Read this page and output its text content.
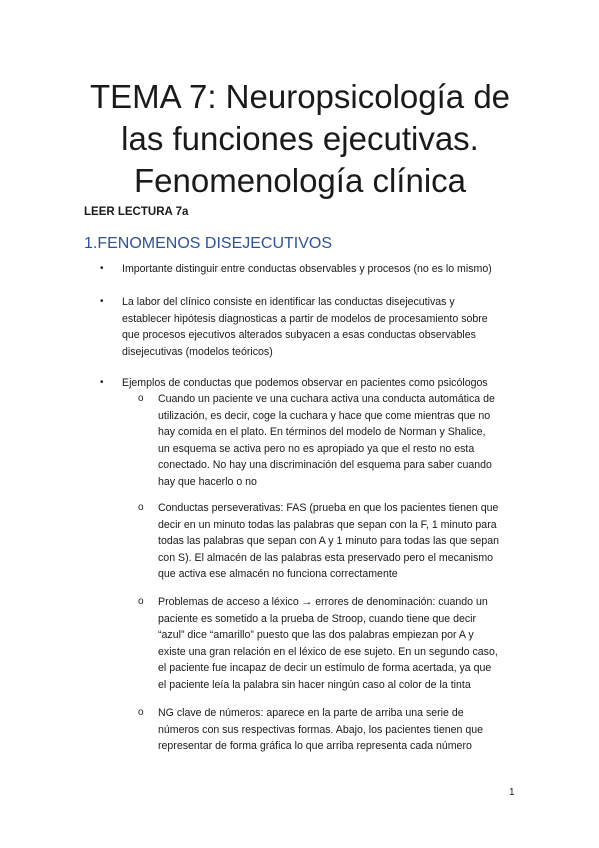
TEMA 7: Neuropsicología de
las funciones ejecutivas.
Fenomenología clínica
LEER LECTURA 7a
1.FENOMENOS DISEJECUTIVOS
• Importante distinguir entre conductas observables y procesos (no es lo mismo)
• La labor del clínico consiste en identificar las conductas disejecutivas y
establecer hipótesis diagnosticas a partir de modelos de procesamiento sobre
que procesos ejecutivos alterados subyacen a esas conductas observables
disejecutivas (modelos teóricos)
• Ejemplos de conductas que podemos observar en pacientes como psicólogos
o Cuando un paciente ve una cuchara activa una conducta automática de
utilización, es decir, coge la cuchara y hace que come mientras que no
hay comida en el plato. En términos del modelo de Norman y Shalice,
un esquema se activa pero no es apropiado ya que el resto no esta
conectado. No hay una discriminación del esquema para saber cuando
hay que hacerlo o no
o Conductas perseverativas: FAS (prueba en que los pacientes tienen que
decir en un minuto todas las palabras que sepan con la F, 1 minuto para
todas las palabras que sepan con A y 1 minuto para todas las que sepan
con S). El almacén de las palabras esta preservado pero el mecanismo
que activa ese almacén no funciona correctamente
o Problemas de acceso a léxico → errores de denominación: cuando un
paciente es sometido a la prueba de Stroop, cuando tiene que decir
“azul” dice “amarillo” puesto que las dos palabras empiezan por A y
existe una gran relación en el léxico de ese sujeto. En un segundo caso,
el paciente fue incapaz de decir un estímulo de forma acertada, ya que
el paciente leía la palabra sin hacer ningún caso al color de la tinta
o NG clave de números: aparece en la parte de arriba una serie de
números con sus respectivas formas. Abajo, los pacientes tienen que
representar de forma gráfica lo que arriba representa cada número
1
